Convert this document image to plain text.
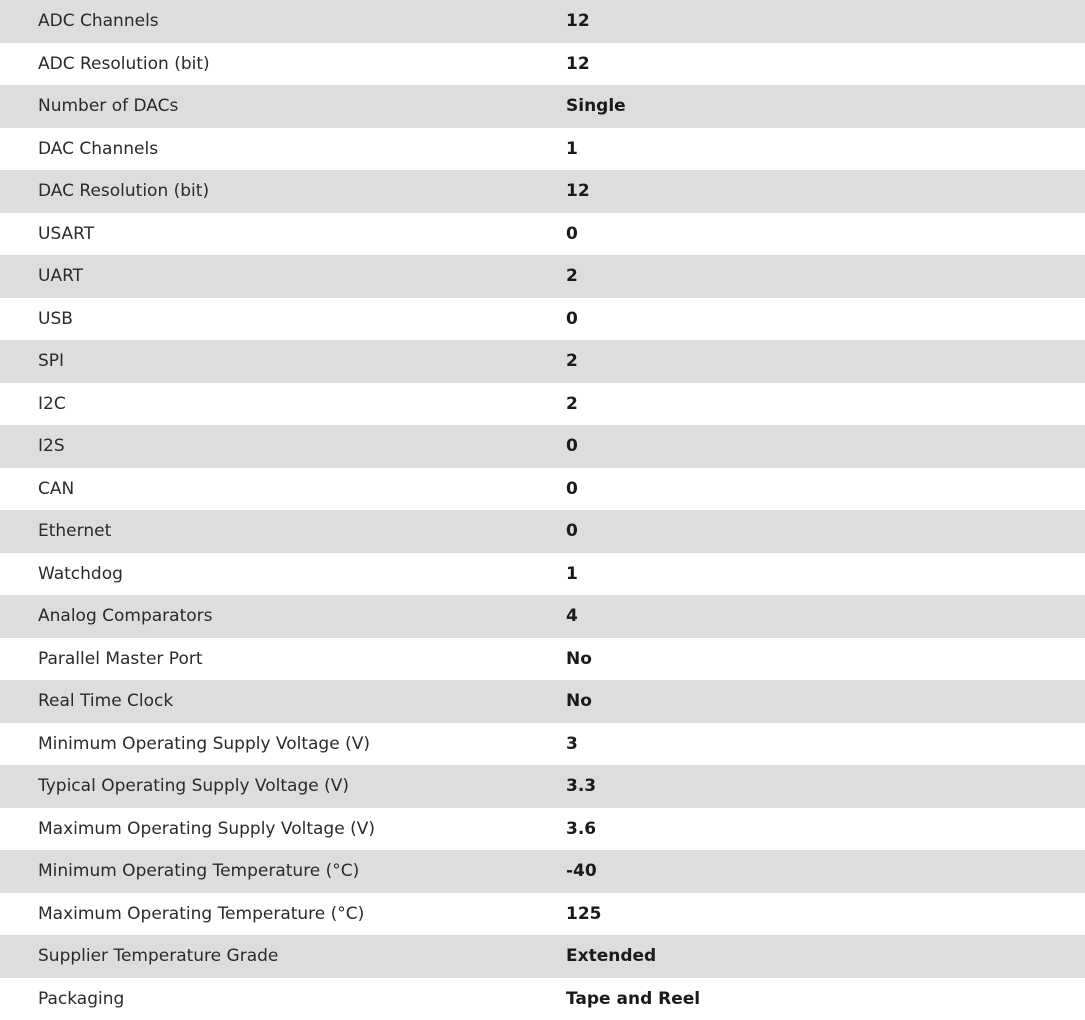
ADC Channels	12
ADC Resolution (bit)	12
Number of DACs	Single
DAC Channels	1
DAC Resolution (bit)	12
USART	0
UART	2
USB	0
SPI	2
I2C	2
I2S	0
CAN	0
Ethernet	0
Watchdog	1
Analog Comparators	4
Parallel Master Port	No
Real Time Clock	No
Minimum Operating Supply Voltage (V)	3
Typical Operating Supply Voltage (V)	3.3
Maximum Operating Supply Voltage (V)	3.6
Minimum Operating Temperature (°C)	-40
Maximum Operating Temperature (°C)	125
Supplier Temperature Grade	Extended
Packaging	Tape and Reel
